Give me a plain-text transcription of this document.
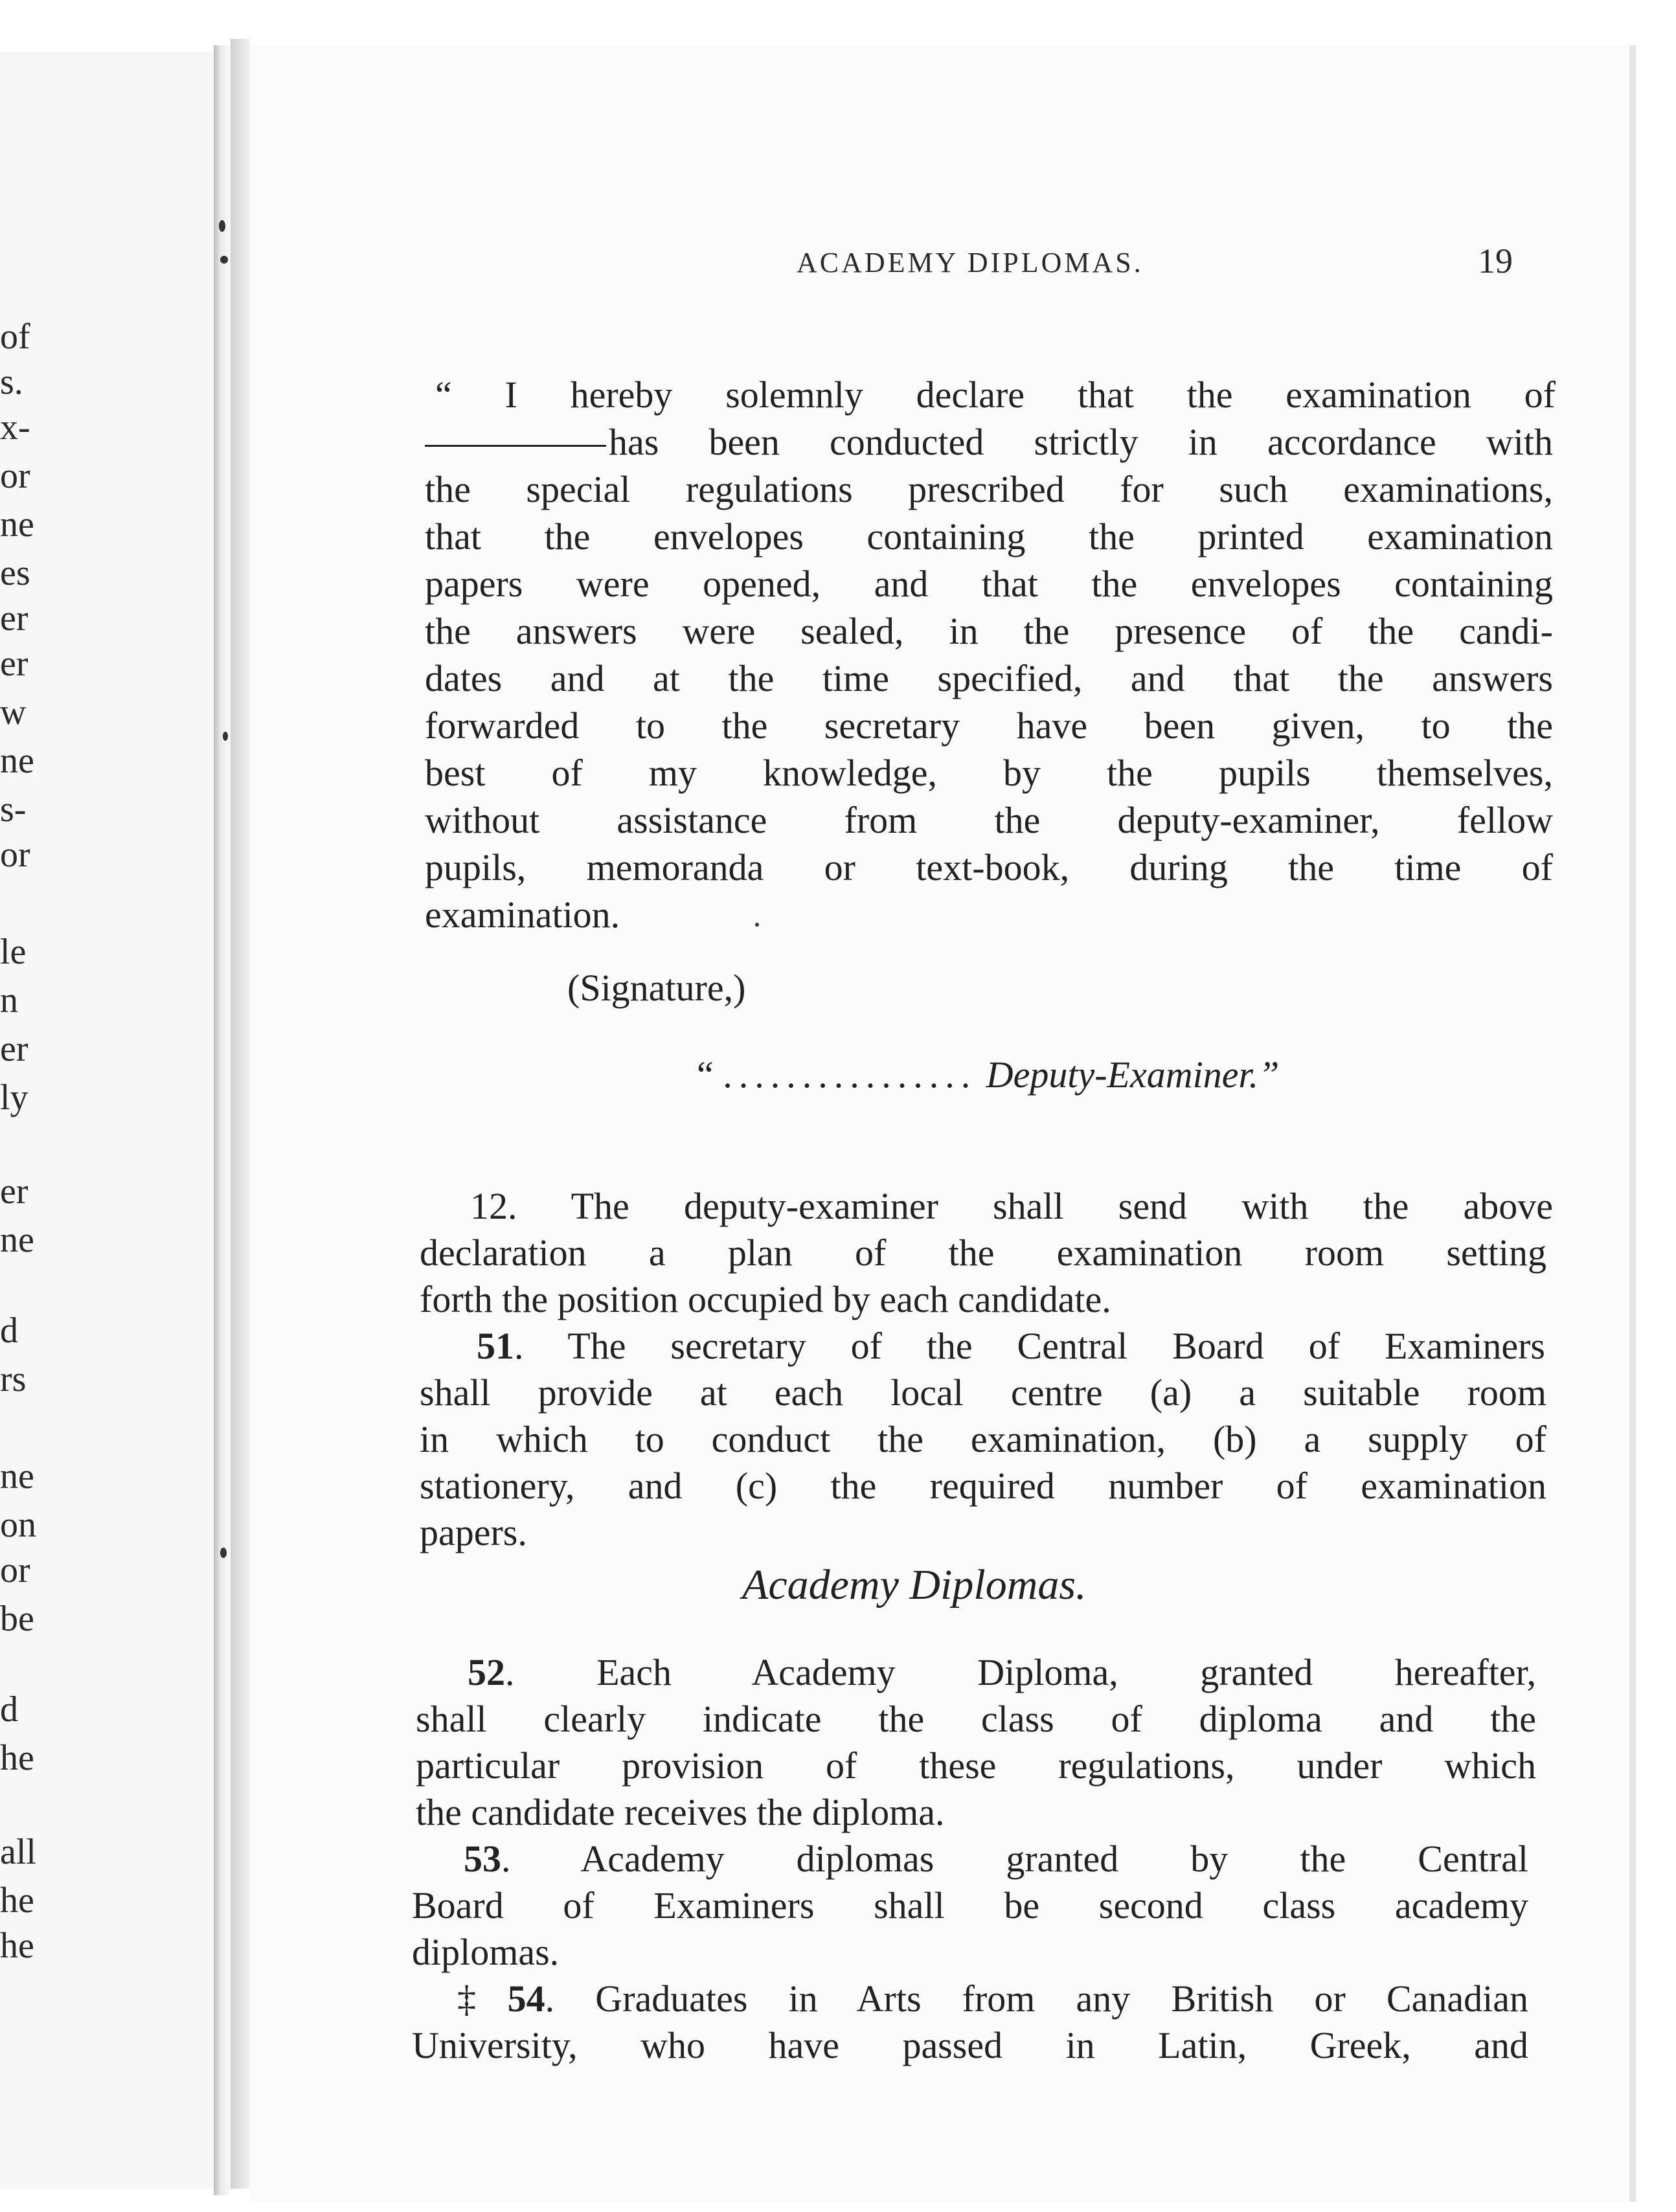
of
s.
x-
or
ne
es
er
er
w
ne
s-
or
le
n
er
ly
er
ne
d
rs
ne
on
or
be
d
he
all
he
he
ACADEMY DIPLOMAS.	19
“ I hereby solemnly declare that the examination of
has been conducted strictly in accordance with
the special regulations prescribed for such examinations,
that the envelopes containing the printed examination
papers were opened, and that the envelopes containing
the answers were sealed, in the presence of the candi-
dates and at the time specified, and that the answers
forwarded to the secretary have been given, to the
best of my knowledge, by the pupils themselves,
without assistance from the deputy-examiner, fellow
pupils, memoranda or text-book, during the time of
examination.
(Signature,)
“ ................ Deputy-Examiner.”
12. The deputy-examiner shall send with the above
declaration a plan of the examination room setting
forth the position occupied by each candidate.
51. The secretary of the Central Board of Examiners
shall provide at each local centre (a) a suitable room
in which to conduct the examination, (b) a supply of
stationery, and (c) the required number of examination
papers.
Academy Diplomas.
52. Each Academy Diploma, granted hereafter,
shall clearly indicate the class of diploma and the
particular provision of these regulations, under which
the candidate receives the diploma.
53. Academy diplomas granted by the Central
Board of Examiners shall be second class academy
diplomas.
‡54. Graduates in Arts from any British or Canadian
University, who have passed in Latin, Greek, and
